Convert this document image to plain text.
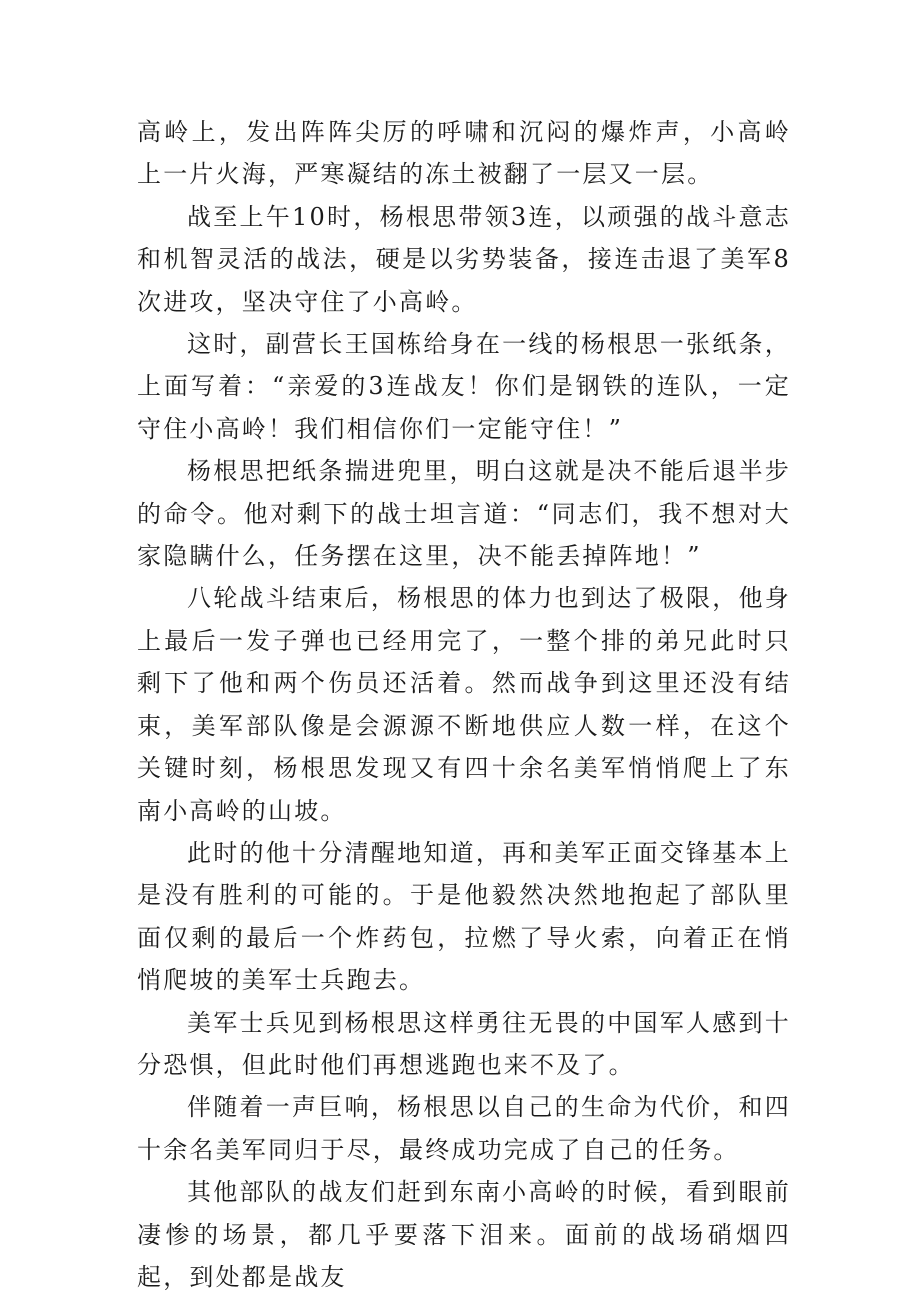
高岭上，发出阵阵尖厉的呼啸和沉闷的爆炸声，小高岭上一片火海，严寒凝结的冻土被翻了一层又一层。

战至上午10时，杨根思带领3连，以顽强的战斗意志和机智灵活的战法，硬是以劣势装备，接连击退了美军8次进攻，坚决守住了小高岭。

这时，副营长王国栋给身在一线的杨根思一张纸条，上面写着：“亲爱的3连战友！你们是钢铁的连队，一定守住小高岭！我们相信你们一定能守住！”

杨根思把纸条揣进兜里，明白这就是决不能后退半步的命令。他对剩下的战士坦言道：“同志们，我不想对大家隐瞒什么，任务摆在这里，决不能丢掉阵地！”

八轮战斗结束后，杨根思的体力也到达了极限，他身上最后一发子弹也已经用完了，一整个排的弟兄此时只剩下了他和两个伤员还活着。然而战争到这里还没有结束，美军部队像是会源源不断地供应人数一样，在这个关键时刻，杨根思发现又有四十余名美军悄悄爬上了东南小高岭的山坡。

此时的他十分清醒地知道，再和美军正面交锋基本上是没有胜利的可能的。于是他毅然决然地抱起了部队里面仅剩的最后一个炸药包，拉燃了导火索，向着正在悄悄爬坡的美军士兵跑去。

美军士兵见到杨根思这样勇往无畏的中国军人感到十分恐惧，但此时他们再想逃跑也来不及了。

伴随着一声巨响，杨根思以自己的生命为代价，和四十余名美军同归于尽，最终成功完成了自己的任务。

其他部队的战友们赶到东南小高岭的时候，看到眼前凄惨的场景，都几乎要落下泪来。面前的战场硝烟四起，到处都是战友
